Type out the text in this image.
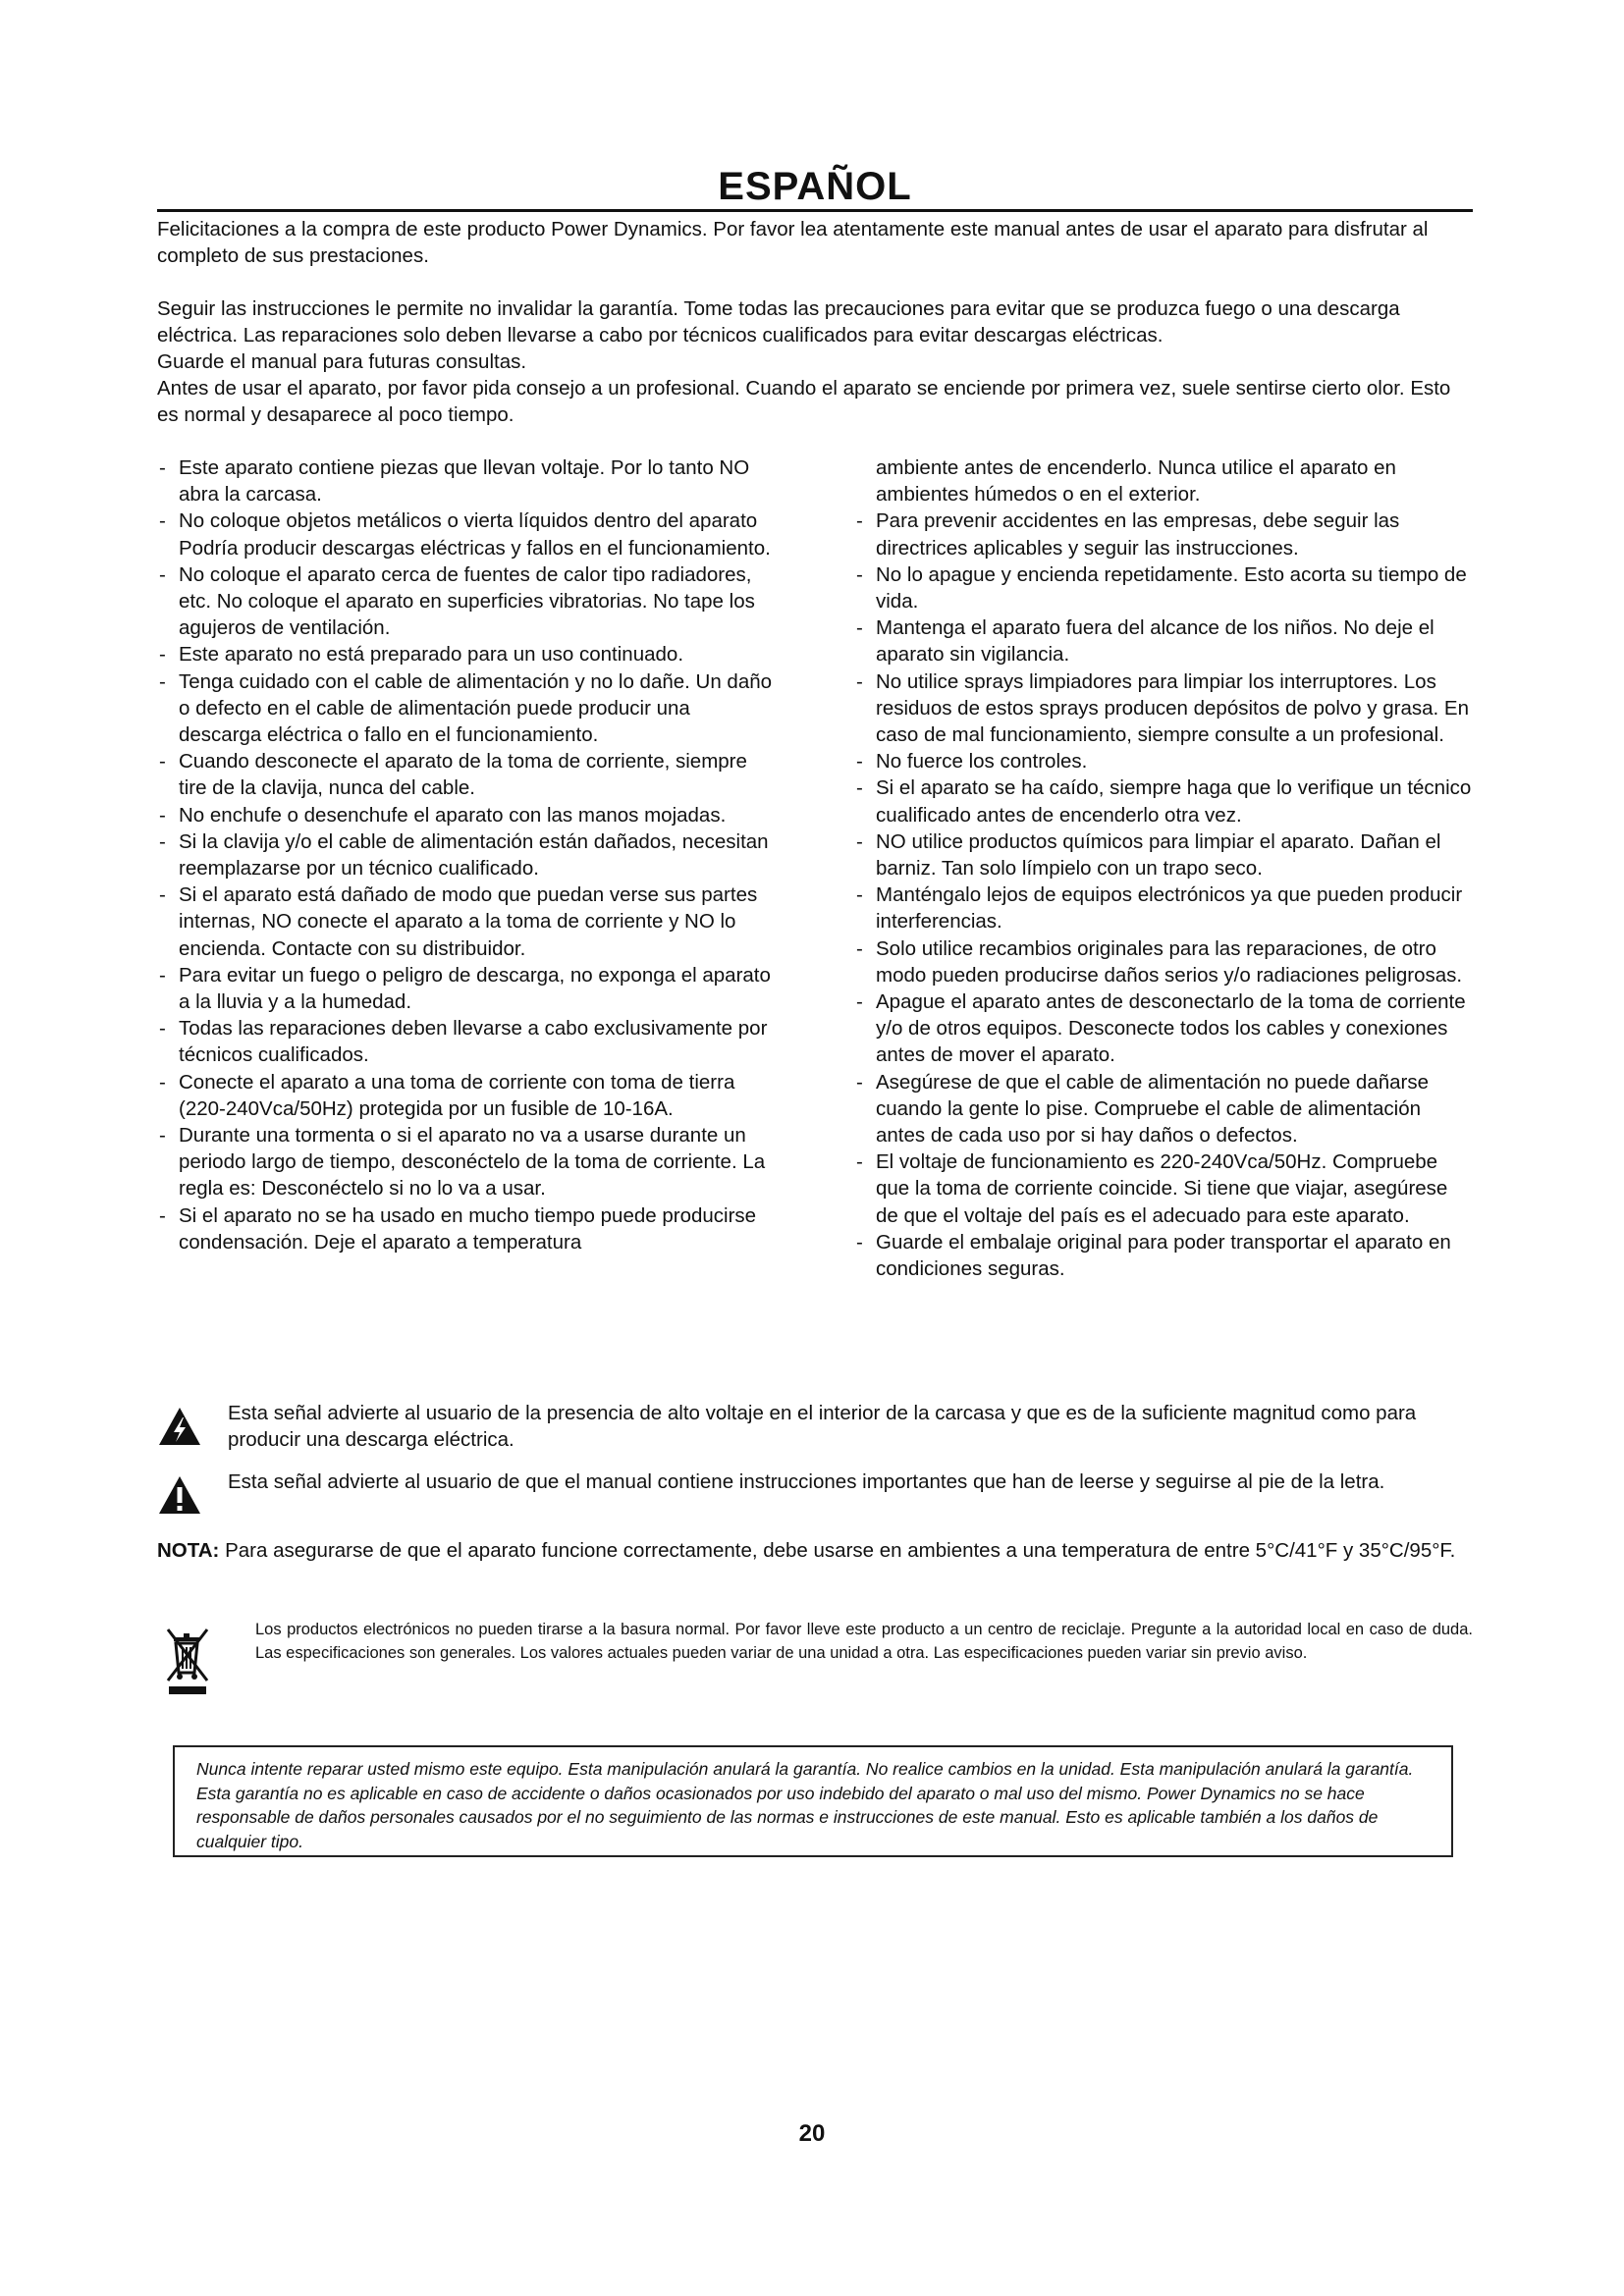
ESPAÑOL

Felicitaciones a la compra de este producto Power Dynamics. Por favor lea atentamente este manual antes de usar el aparato para disfrutar al completo de sus prestaciones.

Seguir las instrucciones le permite no invalidar la garantía. Tome todas las precauciones para evitar que se produzca fuego o una descarga eléctrica. Las reparaciones solo deben llevarse a cabo por técnicos cualificados para evitar descargas eléctricas.

Guarde el manual para futuras consultas.

Antes de usar el aparato, por favor pida consejo a un profesional. Cuando el aparato se enciende por primera vez, suele sentirse cierto olor. Esto es normal y desaparece al poco tiempo.

- Este aparato contiene piezas que llevan voltaje. Por lo tanto NO abra la carcasa.
- No coloque objetos metálicos o vierta líquidos dentro del aparato Podría producir descargas eléctricas y fallos en el funcionamiento.
- No coloque el aparato cerca de fuentes de calor tipo radiadores, etc. No coloque el aparato en superficies vibratorias. No tape los agujeros de ventilación.
- Este aparato no está preparado para un uso continuado.
- Tenga cuidado con el cable de alimentación y no lo dañe. Un daño o defecto en el cable de alimentación puede producir una descarga eléctrica o fallo en el funcionamiento.
- Cuando desconecte el aparato de la toma de corriente, siempre tire de la clavija, nunca del cable.
- No enchufe o desenchufe el aparato con las manos mojadas.
- Si la clavija y/o el cable de alimentación están dañados, necesitan reemplazarse por un técnico cualificado.
- Si el aparato está dañado de modo que puedan verse sus partes internas, NO conecte el aparato a la toma de corriente y NO lo encienda. Contacte con su distribuidor.
- Para evitar un fuego o peligro de descarga, no exponga el aparato a la lluvia y a la humedad.
- Todas las reparaciones deben llevarse a cabo exclusivamente por técnicos cualificados.
- Conecte el aparato a una toma de corriente con toma de tierra (220-240Vca/50Hz) protegida por un fusible de 10-16A.
- Durante una tormenta o si el aparato no va a usarse durante un periodo largo de tiempo, desconéctelo de la toma de corriente. La regla es: Desconéctelo si no lo va a usar.
- Si el aparato no se ha usado en mucho tiempo puede producirse condensación. Deje el aparato a temperatura
ambiente antes de encenderlo. Nunca utilice el aparato en ambientes húmedos o en el exterior.
- Para prevenir accidentes en las empresas, debe seguir las directrices aplicables y seguir las instrucciones.
- No lo apague y encienda repetidamente. Esto acorta su tiempo de vida.
- Mantenga el aparato fuera del alcance de los niños. No deje el aparato sin vigilancia.
- No utilice sprays limpiadores para limpiar los interruptores. Los residuos de estos sprays producen depósitos de polvo y grasa. En caso de mal funcionamiento, siempre consulte a un profesional.
- No fuerce los controles.
- Si el aparato se ha caído, siempre haga que lo verifique un técnico cualificado antes de encenderlo otra vez.
- NO utilice productos químicos para limpiar el aparato. Dañan el barniz. Tan solo límpielo con un trapo seco.
- Manténgalo lejos de equipos electrónicos ya que pueden producir interferencias.
- Solo utilice recambios originales para las reparaciones, de otro modo pueden producirse daños serios y/o radiaciones peligrosas.
- Apague el aparato antes de desconectarlo de la toma de corriente y/o de otros equipos. Desconecte todos los cables y conexiones antes de mover el aparato.
- Asegúrese de que el cable de alimentación no puede dañarse cuando la gente lo pise. Compruebe el cable de alimentación antes de cada uso por si hay daños o defectos.
- El voltaje de funcionamiento es 220-240Vca/50Hz. Compruebe que la toma de corriente coincide. Si tiene que viajar, asegúrese de que el voltaje del país es el adecuado para este aparato.
- Guarde el embalaje original para poder transportar el aparato en condiciones seguras.
Esta señal advierte al usuario de la presencia de alto voltaje en el interior de la carcasa y que es de la suficiente magnitud como para producir una descarga eléctrica.
Esta señal advierte al usuario de que el manual contiene instrucciones importantes que han de leerse y seguirse al pie de la letra.
NOTA: Para asegurarse de que el aparato funcione correctamente, debe usarse en ambientes a una temperatura de entre 5°C/41°F y 35°C/95°F.
Los productos electrónicos no pueden tirarse a la basura normal. Por favor lleve este producto a un centro de reciclaje. Pregunte a la autoridad local en caso de duda. Las especificaciones son generales. Los valores actuales pueden variar de una unidad a otra. Las especificaciones pueden variar sin previo aviso.
Nunca intente reparar usted mismo este equipo. Esta manipulación anulará la garantía. No realice cambios en la unidad. Esta manipulación anulará la garantía. Esta garantía no es aplicable en caso de accidente o daños ocasionados por uso indebido del aparato o mal uso del mismo. Power Dynamics no se hace responsable de daños personales causados por el no seguimiento de las normas e instrucciones de este manual. Esto es aplicable también a los daños de cualquier tipo.
20
